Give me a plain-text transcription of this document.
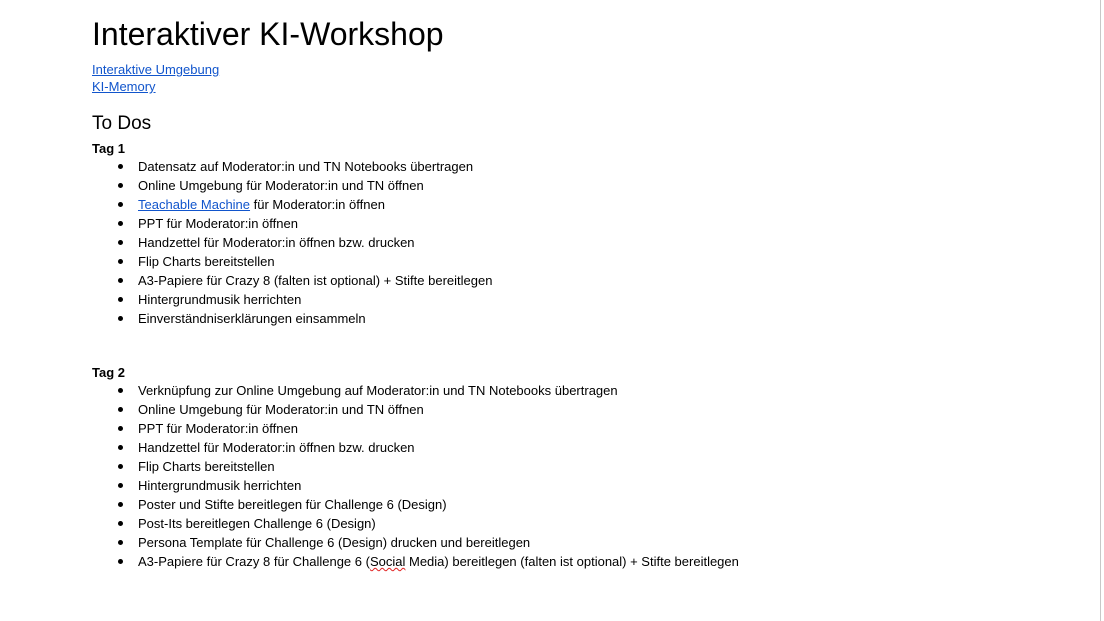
Interaktiver KI-Workshop
Interaktive Umgebung
KI-Memory
To Dos
Tag 1
Datensatz auf Moderator:in und TN Notebooks übertragen
Online Umgebung für Moderator:in und TN öffnen
Teachable Machine für Moderator:in öffnen
PPT für Moderator:in öffnen
Handzettel für Moderator:in öffnen bzw. drucken
Flip Charts bereitstellen
A3-Papiere für Crazy 8 (falten ist optional) + Stifte bereitlegen
Hintergrundmusik herrichten
Einverständniserklärungen einsammeln
Tag 2
Verknüpfung zur Online Umgebung auf Moderator:in und TN Notebooks übertragen
Online Umgebung für Moderator:in und TN öffnen
PPT für Moderator:in öffnen
Handzettel für Moderator:in öffnen bzw. drucken
Flip Charts bereitstellen
Hintergrundmusik herrichten
Poster und Stifte bereitlegen für Challenge 6 (Design)
Post-Its bereitlegen Challenge 6 (Design)
Persona Template für Challenge 6 (Design) drucken und bereitlegen
A3-Papiere für Crazy 8 für Challenge 6 (Social Media) bereitlegen (falten ist optional) + Stifte bereitlegen
